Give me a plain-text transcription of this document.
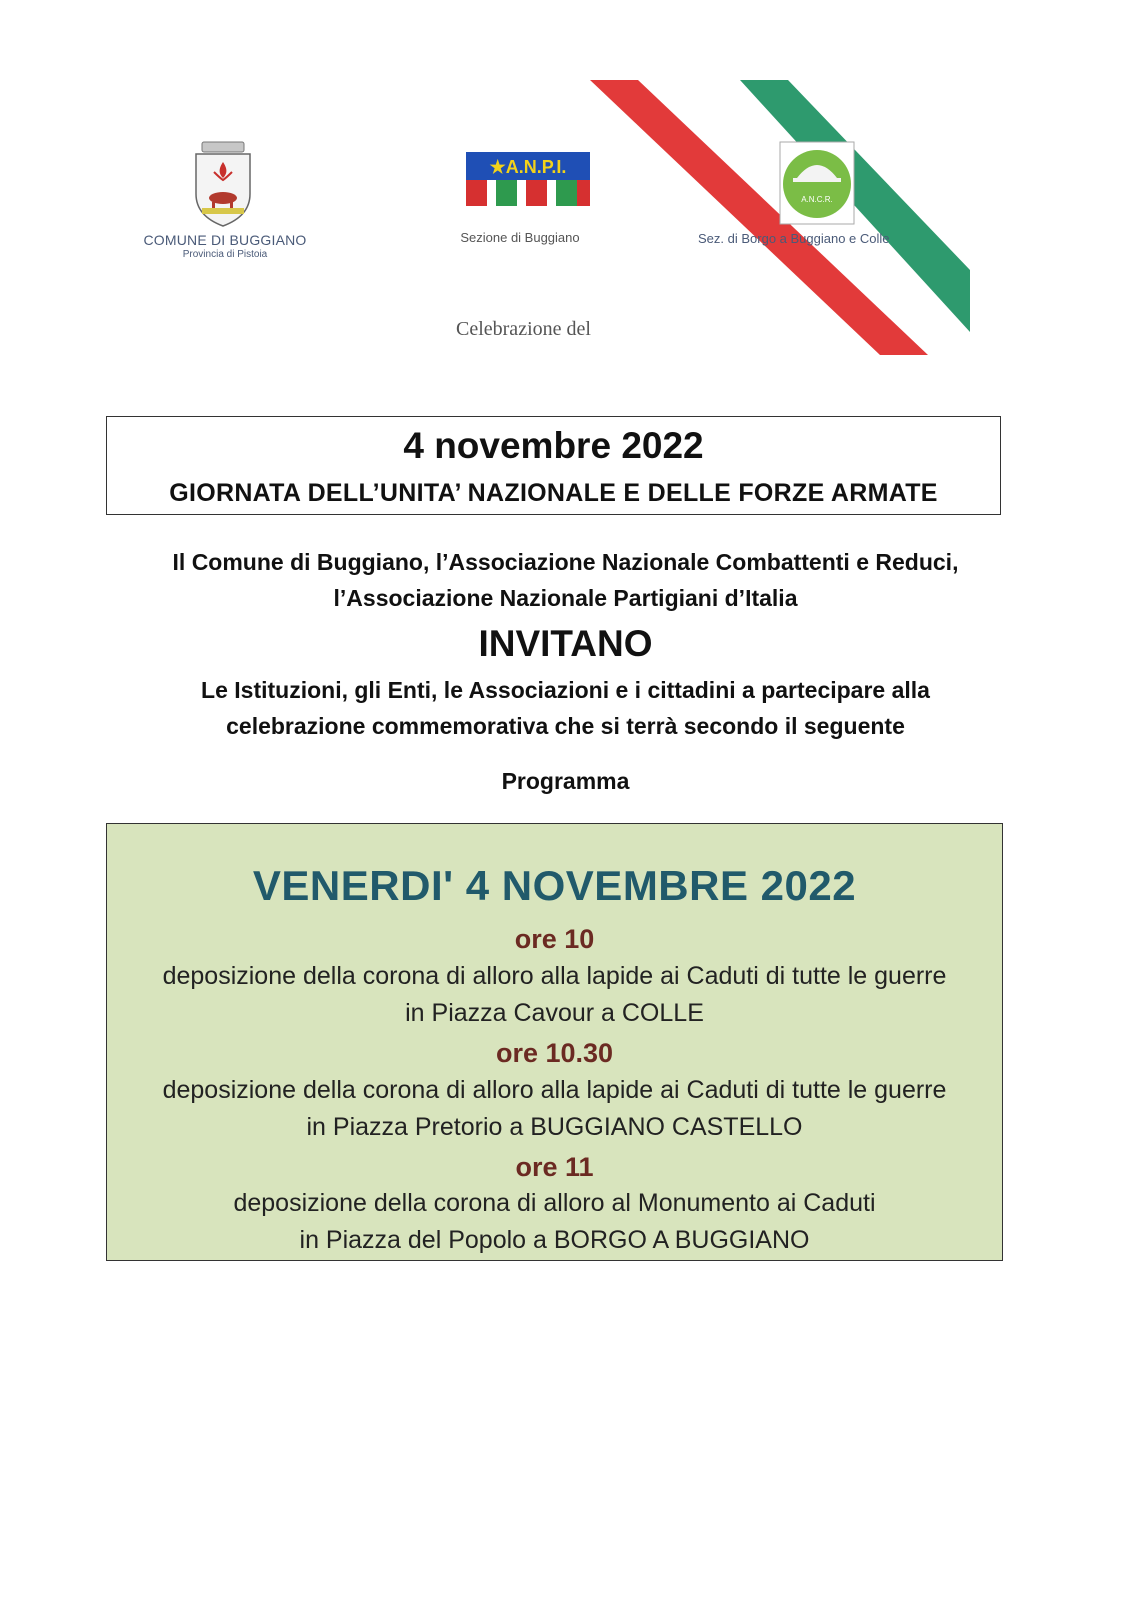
COMUNE DI BUGGIANO
Provincia di Pistoia
★A.N.P.I.
Sezione di Buggiano
A.N.C.R.
Sez. di Borgo a Buggiano e Colle
Celebrazione del
4 novembre 2022
GIORNATA DELL’UNITA’ NAZIONALE E DELLE FORZE ARMATE
Il Comune di Buggiano, l’Associazione Nazionale Combattenti e Reduci,
l’Associazione Nazionale Partigiani d’Italia
INVITANO
Le Istituzioni, gli Enti, le Associazioni e i cittadini a partecipare alla
celebrazione commemorativa che si terrà secondo il seguente
Programma
VENERDI' 4 NOVEMBRE 2022
ore 10
deposizione della corona di alloro alla lapide ai Caduti di tutte le guerre
in Piazza Cavour a COLLE
ore 10.30
deposizione della corona di alloro alla lapide ai Caduti di tutte le guerre
in Piazza Pretorio a BUGGIANO CASTELLO
ore 11
deposizione della corona di alloro al Monumento ai Caduti
in Piazza del Popolo a BORGO A BUGGIANO
